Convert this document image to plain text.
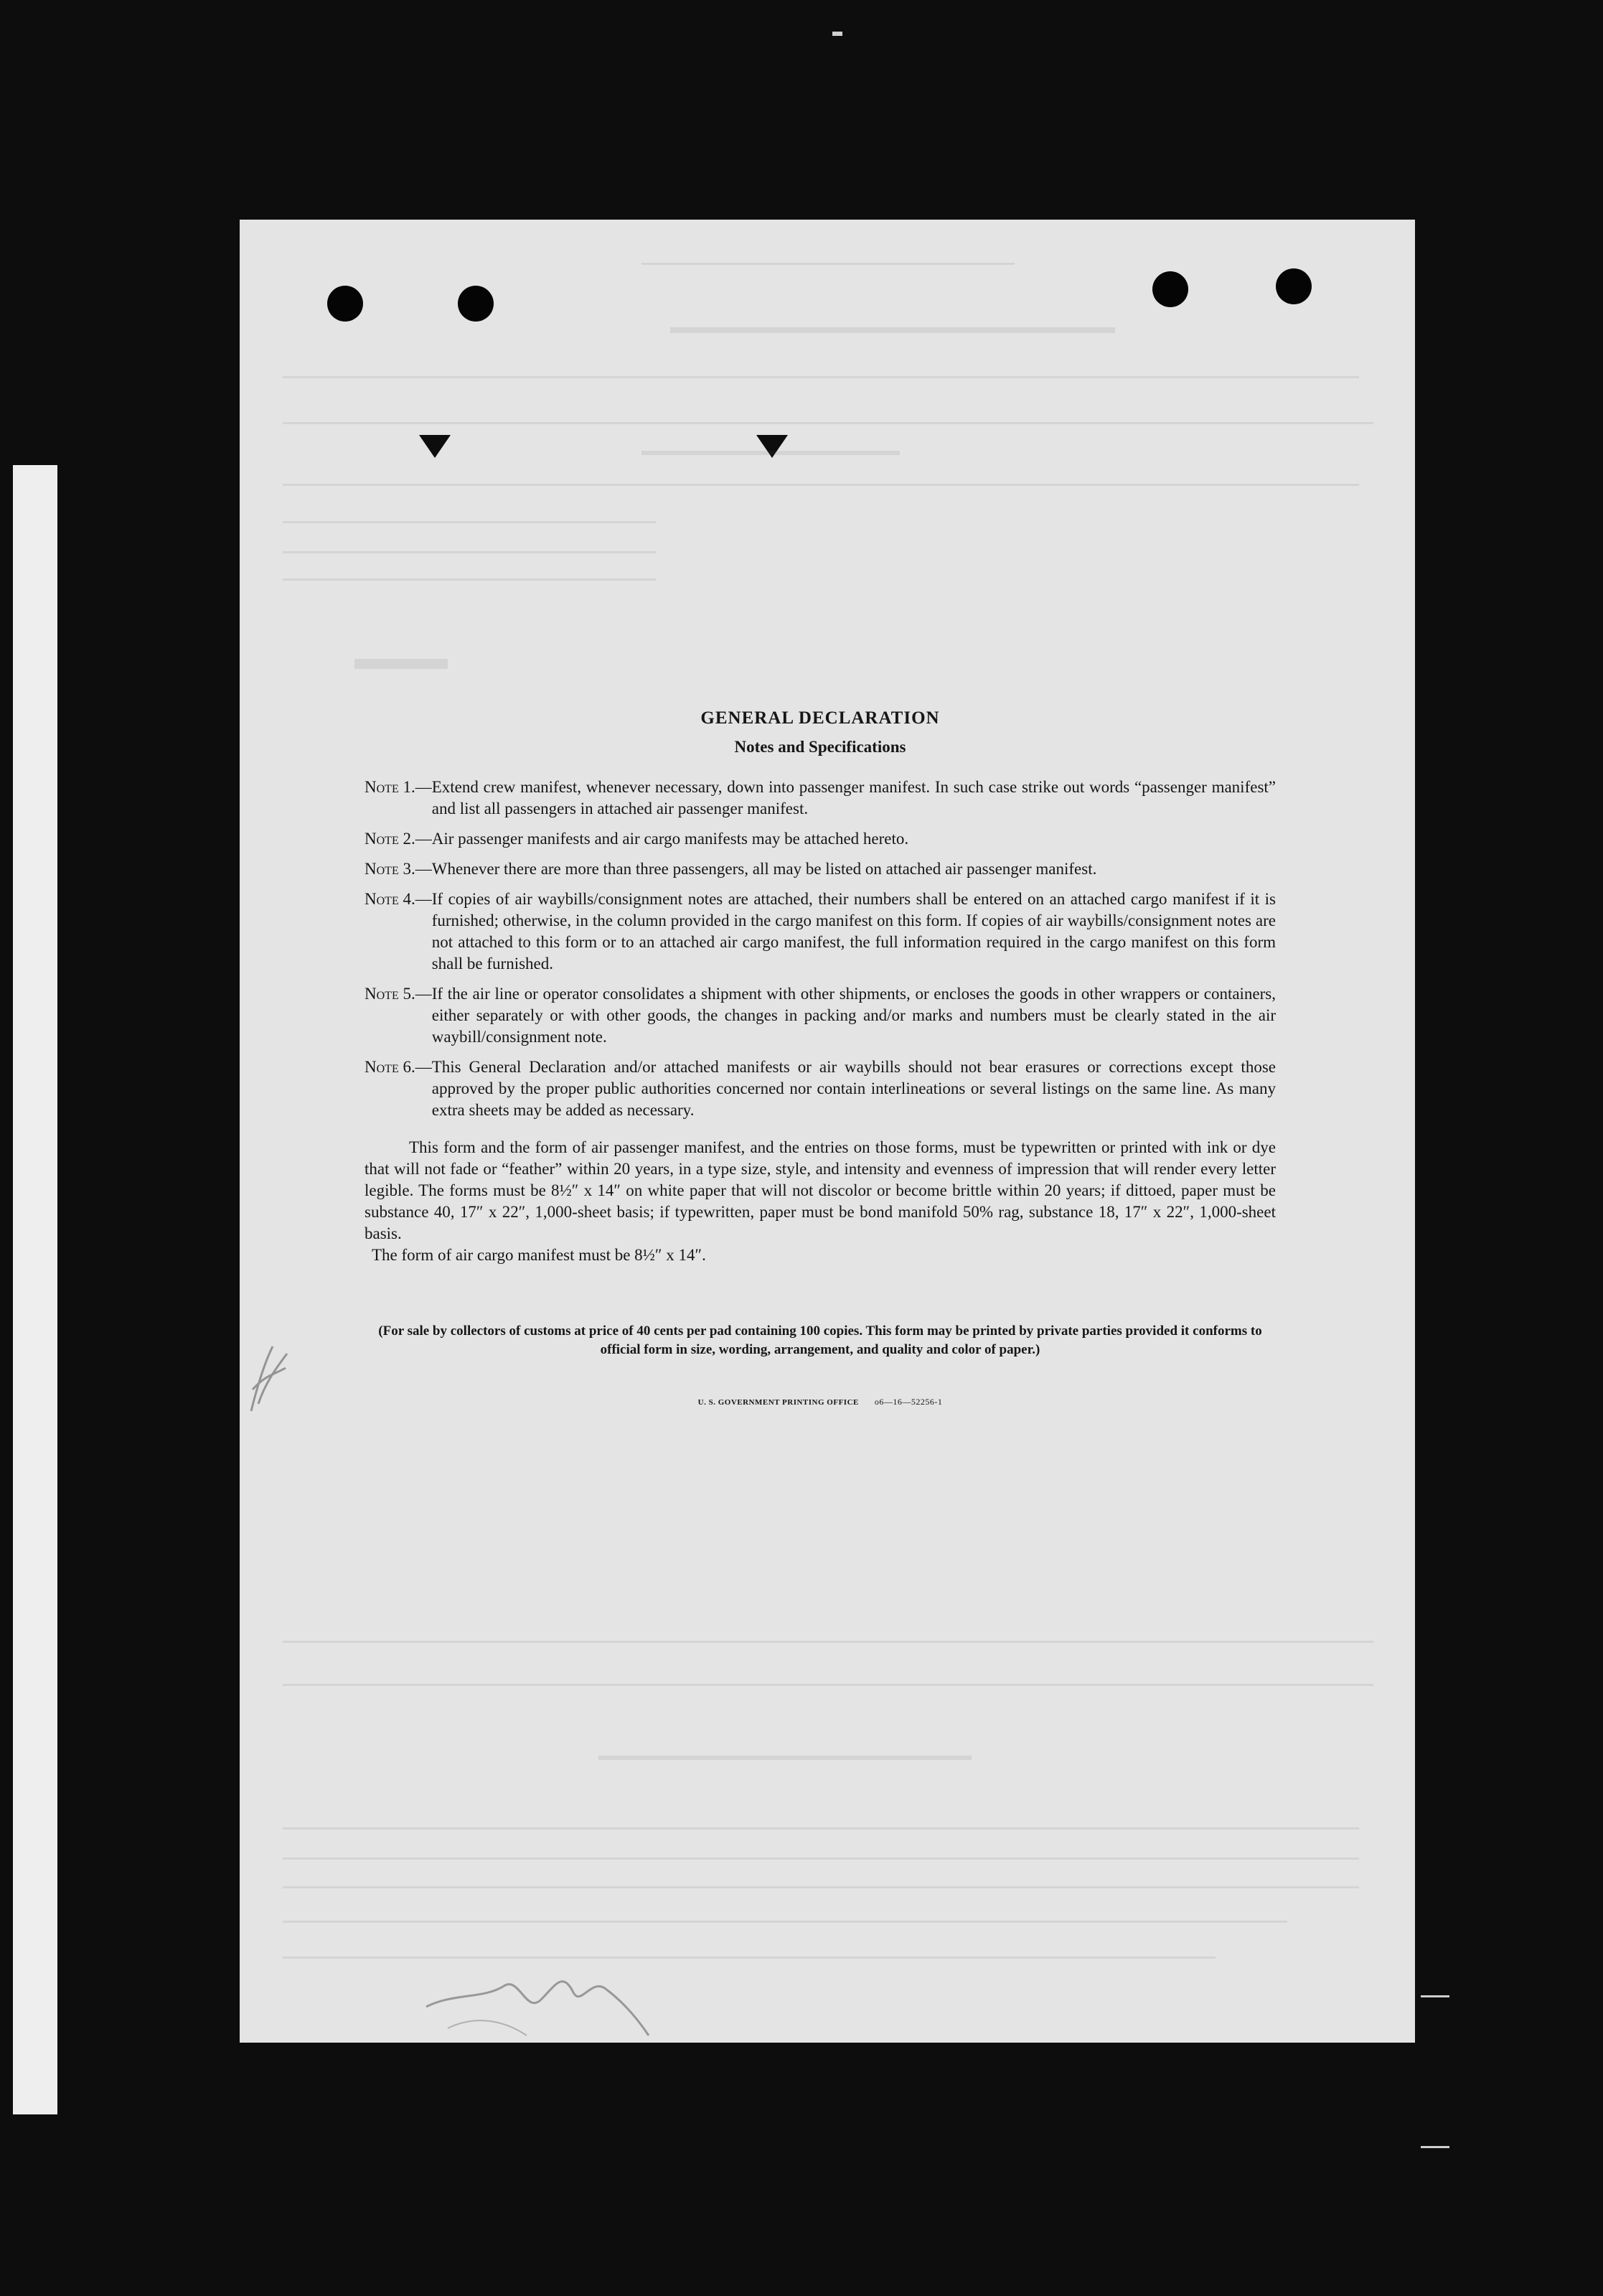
GENERAL DECLARATION
Notes and Specifications
Note 1.— Extend crew manifest, whenever necessary, down into passenger manifest. In such case strike out words “passenger manifest” and list all passengers in attached air passenger manifest.
Note 2.— Air passenger manifests and air cargo manifests may be attached hereto.
Note 3.— Whenever there are more than three passengers, all may be listed on attached air passenger manifest.
Note 4.— If copies of air waybills/consignment notes are attached, their numbers shall be entered on an attached cargo manifest if it is furnished; otherwise, in the column provided in the cargo manifest on this form. If copies of air waybills/consignment notes are not attached to this form or to an attached air cargo manifest, the full information required in the cargo manifest on this form shall be furnished.
Note 5.— If the air line or operator consolidates a shipment with other shipments, or encloses the goods in other wrappers or containers, either separately or with other goods, the changes in packing and/or marks and numbers must be clearly stated in the air waybill/consignment note.
Note 6.— This General Declaration and/or attached manifests or air waybills should not bear erasures or corrections except those approved by the proper public authorities concerned nor contain interlineations or several listings on the same line. As many extra sheets may be added as necessary.
This form and the form of air passenger manifest, and the entries on those forms, must be typewritten or printed with ink or dye that will not fade or “feather” within 20 years, in a type size, style, and intensity and evenness of impression that will render every letter legible. The forms must be 8½″ x 14″ on white paper that will not discolor or become brittle within 20 years; if dittoed, paper must be substance 40, 17″ x 22″, 1,000-sheet basis; if typewritten, paper must be bond manifold 50% rag, substance 18, 17″ x 22″, 1,000-sheet basis.
The form of air cargo manifest must be 8½″ x 14″.
(For sale by collectors of customs at price of 40 cents per pad containing 100 copies. This form may be printed by private parties provided it conforms to official form in size, wording, arrangement, and quality and color of paper.)
U. S. GOVERNMENT PRINTING OFFICE o6—16—52256-1
